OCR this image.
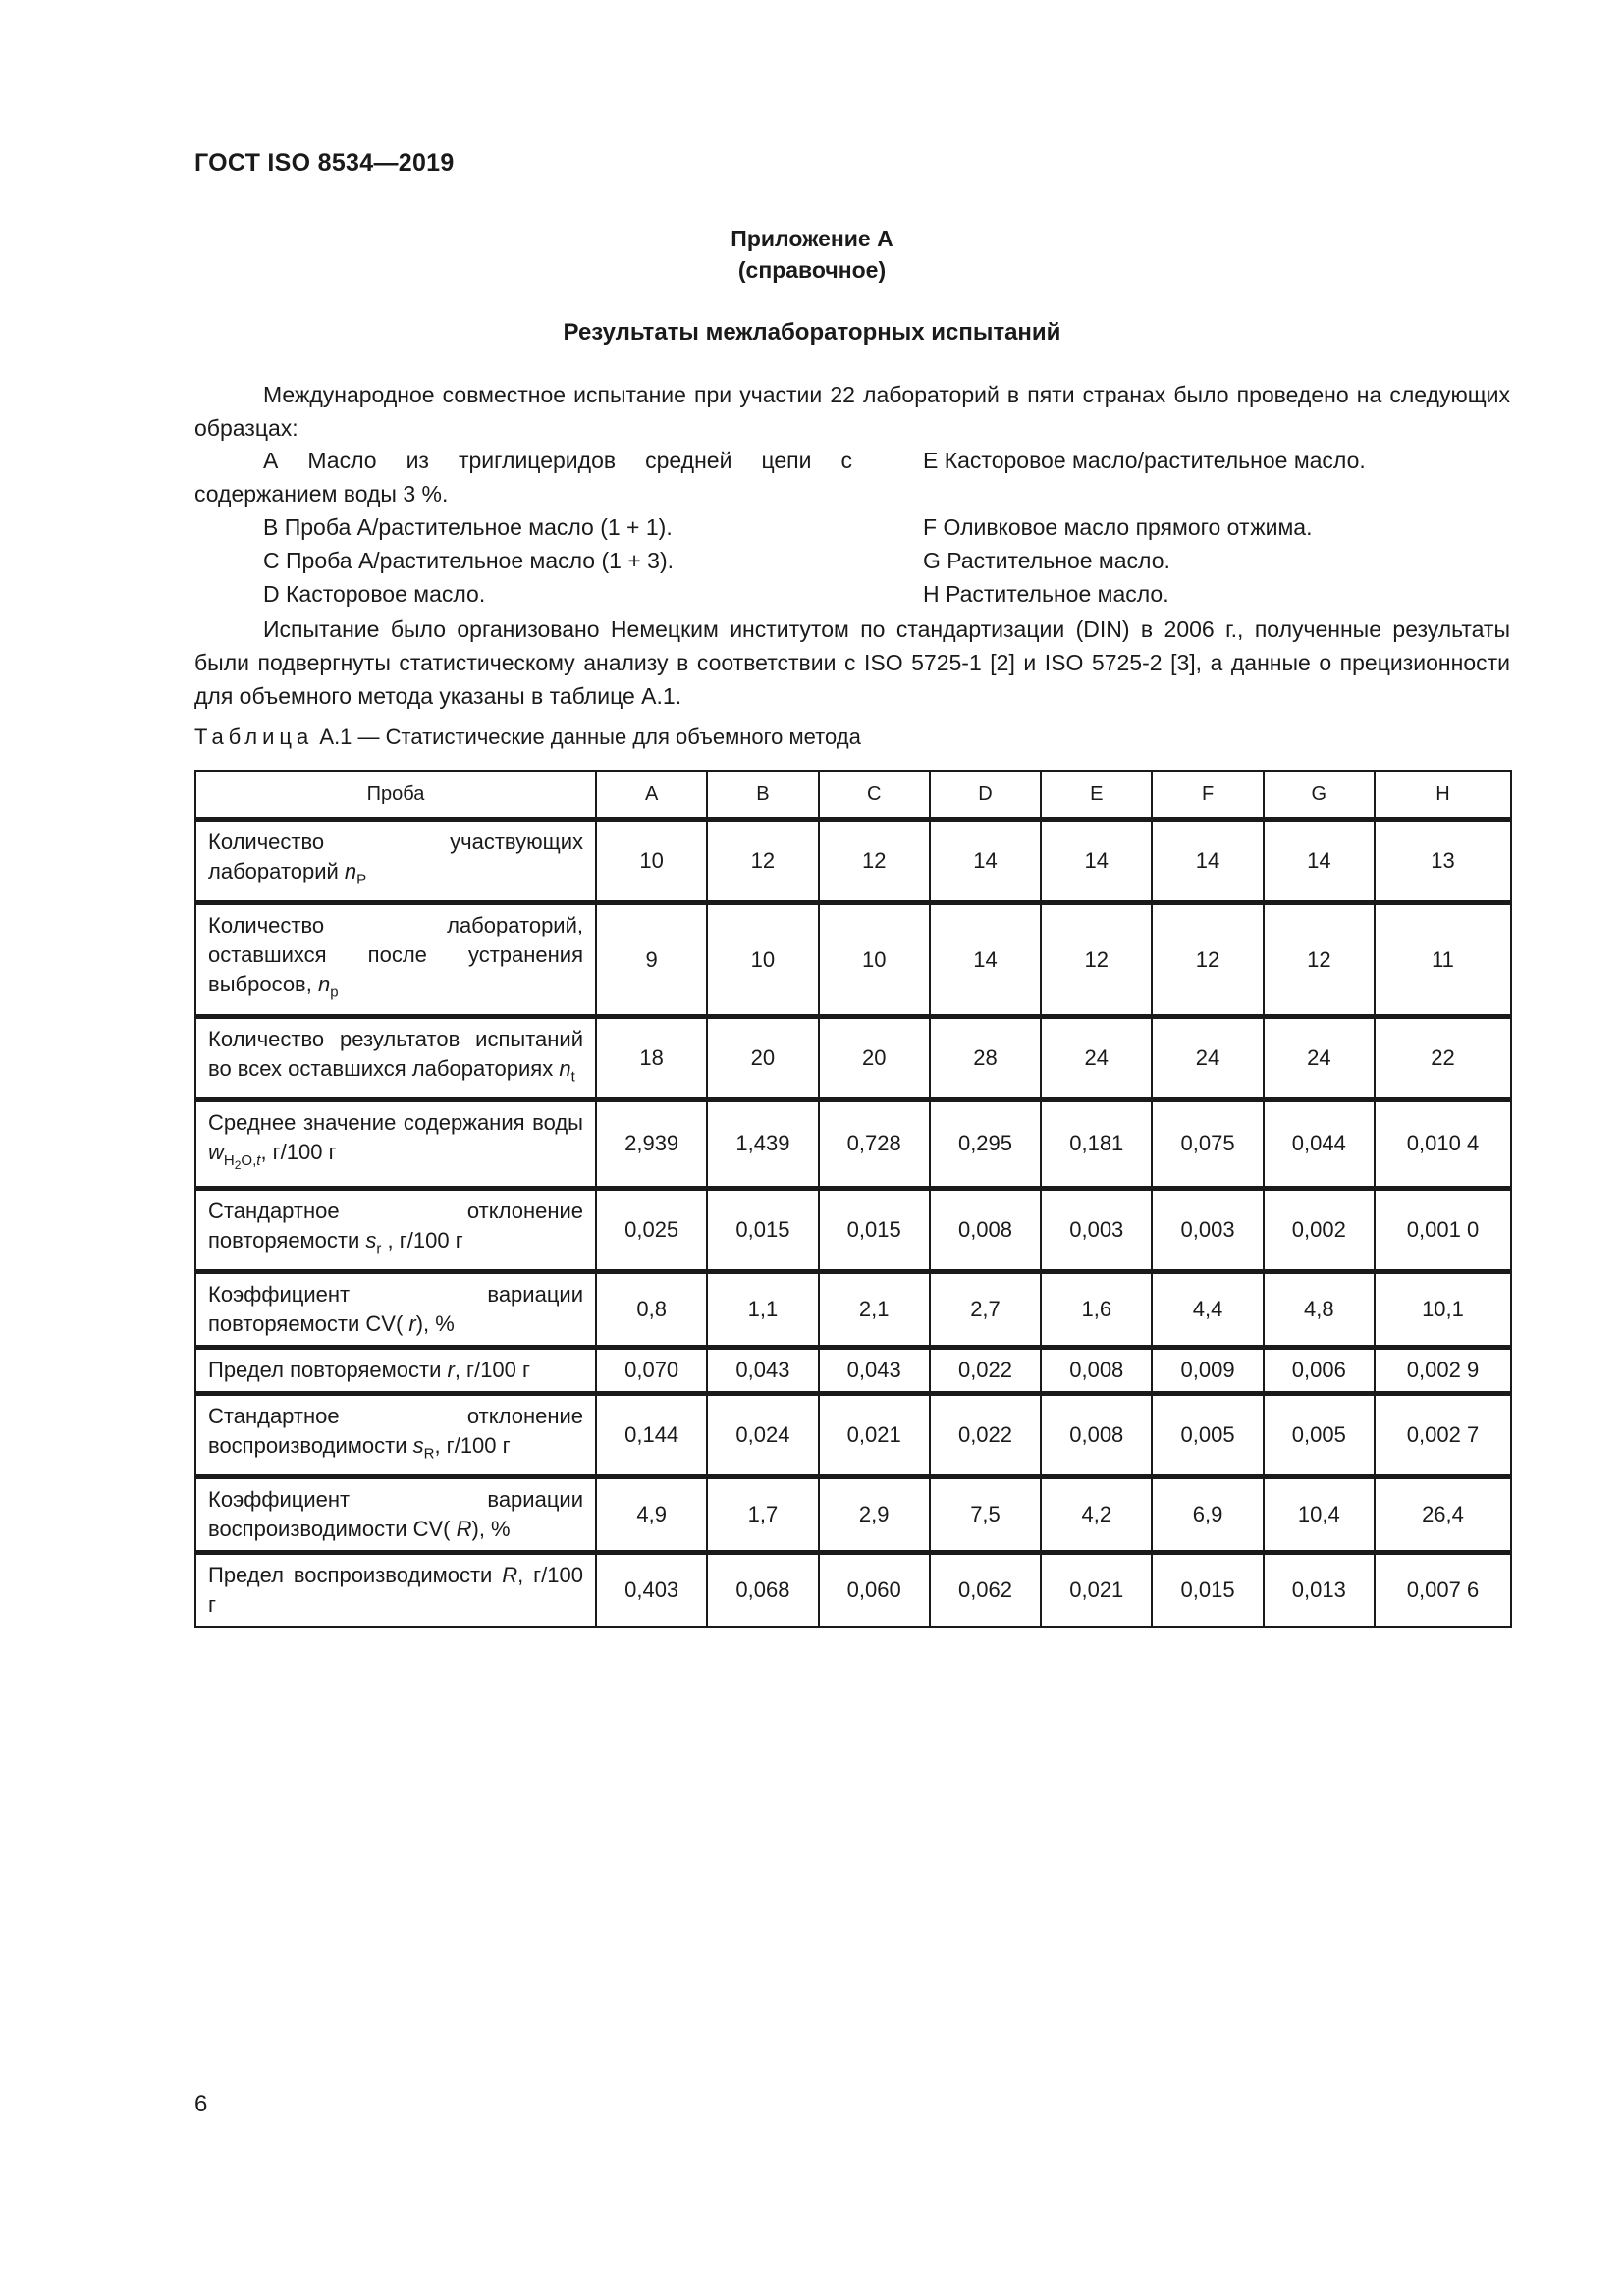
ГОСТ ISO 8534—2019
Приложение А
(справочное)
Результаты межлабораторных испытаний
Международное совместное испытание при участии 22 лабораторий в пяти странах было проведено на следующих образцах:
А Масло из триглицеридов средней цепи с содержанием воды 3 %.
В Проба А/растительное масло (1 + 1).
С Проба А/растительное масло (1 + 3).
D Касторовое масло.
Е Касторовое масло/растительное масло.
F Оливковое масло прямого отжима.
G Растительное масло.
Н Растительное масло.
Испытание было организовано Немецким институтом по стандартизации (DIN) в 2006 г., полученные результаты были подвергнуты статистическому анализу в соответствии с ISO 5725-1 [2] и ISO 5725-2 [3], а данные о прецизионности для объемного метода указаны в таблице А.1.
Таблица А.1 — Статистические данные для объемного метода
Проба	А	В	С	D	Е	F	G	Н
Количество участвующих лабораторий $n_P$	10	12	12	14	14	14	14	13
Количество лабораторий, оставшихся после устранения выбросов, $n_p$	9	10	10	14	12	12	12	11
Количество результатов испытаний во всех оставшихся лабораториях $n_t$	18	20	20	28	24	24	24	22
Среднее значение содержания воды $w_{H_2O,t}$, г/100 г	2,939	1,439	0,728	0,295	0,181	0,075	0,044	0,010 4
Стандартное отклонение повторяемости $s_r$ , г/100 г	0,025	0,015	0,015	0,008	0,003	0,003	0,002	0,001 0
Коэффициент вариации повторяемости CV( r), %	0,8	1,1	2,1	2,7	1,6	4,4	4,8	10,1
Предел повторяемости r, г/100 г	0,070	0,043	0,043	0,022	0,008	0,009	0,006	0,002 9
Стандартное отклонение воспроизводимости $s_R$, г/100 г	0,144	0,024	0,021	0,022	0,008	0,005	0,005	0,002 7
Коэффициент вариации воспроизводимости CV( R), %	4,9	1,7	2,9	7,5	4,2	6,9	10,4	26,4
Предел воспроизводимости R, г/100 г	0,403	0,068	0,060	0,062	0,021	0,015	0,013	0,007 6
6
